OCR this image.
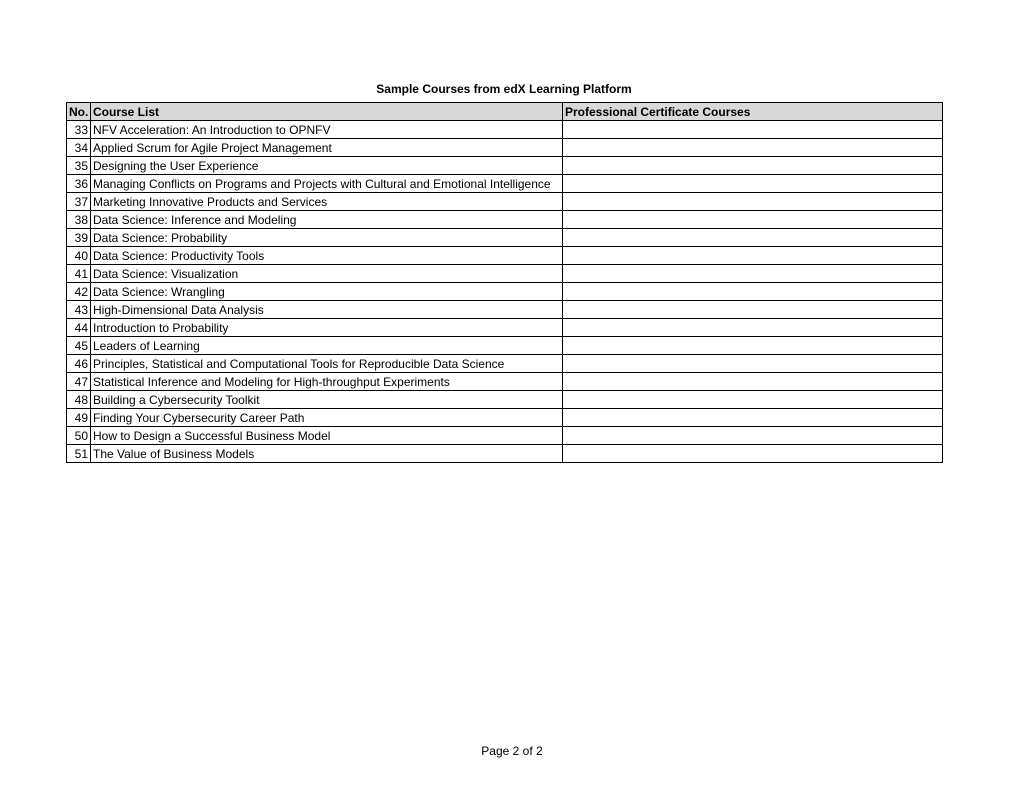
Sample Courses from edX Learning Platform
No.	Course List	Professional Certificate Courses
33	NFV Acceleration: An Introduction to OPNFV	
34	Applied Scrum for Agile Project Management	
35	Designing the User Experience	
36	Managing Conflicts on Programs and Projects with Cultural and Emotional Intelligence	
37	Marketing Innovative Products and Services	
38	Data Science: Inference and Modeling	
39	Data Science: Probability	
40	Data Science: Productivity Tools	
41	Data Science: Visualization	
42	Data Science: Wrangling	
43	High-Dimensional Data Analysis	
44	Introduction to Probability	
45	Leaders of Learning	
46	Principles, Statistical and Computational Tools for Reproducible Data Science	
47	Statistical Inference and Modeling for High-throughput Experiments	
48	Building a Cybersecurity Toolkit	
49	Finding Your Cybersecurity Career Path	
50	How to Design a Successful Business Model	
51	The Value of Business Models	
Page 2 of 2
